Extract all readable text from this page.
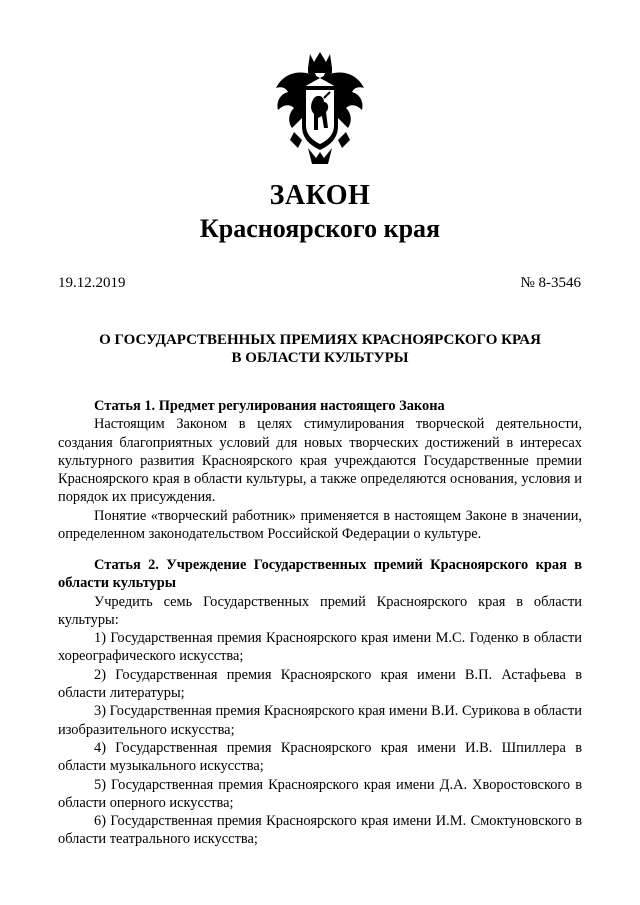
ЗАКОН
Красноярского края
19.12.2019	№ 8-3546
О ГОСУДАРСТВЕННЫХ ПРЕМИЯХ КРАСНОЯРСКОГО КРАЯ
В ОБЛАСТИ КУЛЬТУРЫ

Статья 1. Предмет регулирования настоящего Закона

Настоящим Законом в целях стимулирования творческой деятельности, создания благоприятных условий для новых творческих достижений в интересах культурного развития Красноярского края учреждаются Государственные премии Красноярского края в области культуры, а также определяются основания, условия и порядок их присуждения.

Понятие «творческий работник» применяется в настоящем Законе в значении, определенном законодательством Российской Федерации о культуре.

Статья 2. Учреждение Государственных премий Красноярского края в области культуры

Учредить семь Государственных премий Красноярского края в области культуры:

1) Государственная премия Красноярского края имени М.С. Годенко в области хореографического искусства;

2) Государственная премия Красноярского края имени В.П. Астафьева в области литературы;

3) Государственная премия Красноярского края имени В.И. Сурикова в области изобразительного искусства;

4) Государственная премия Красноярского края имени И.В. Шпиллера в области музыкального искусства;

5) Государственная премия Красноярского края имени Д.А. Хворостовского в области оперного искусства;

6) Государственная премия Красноярского края имени И.М. Смоктуновского в области театрального искусства;
